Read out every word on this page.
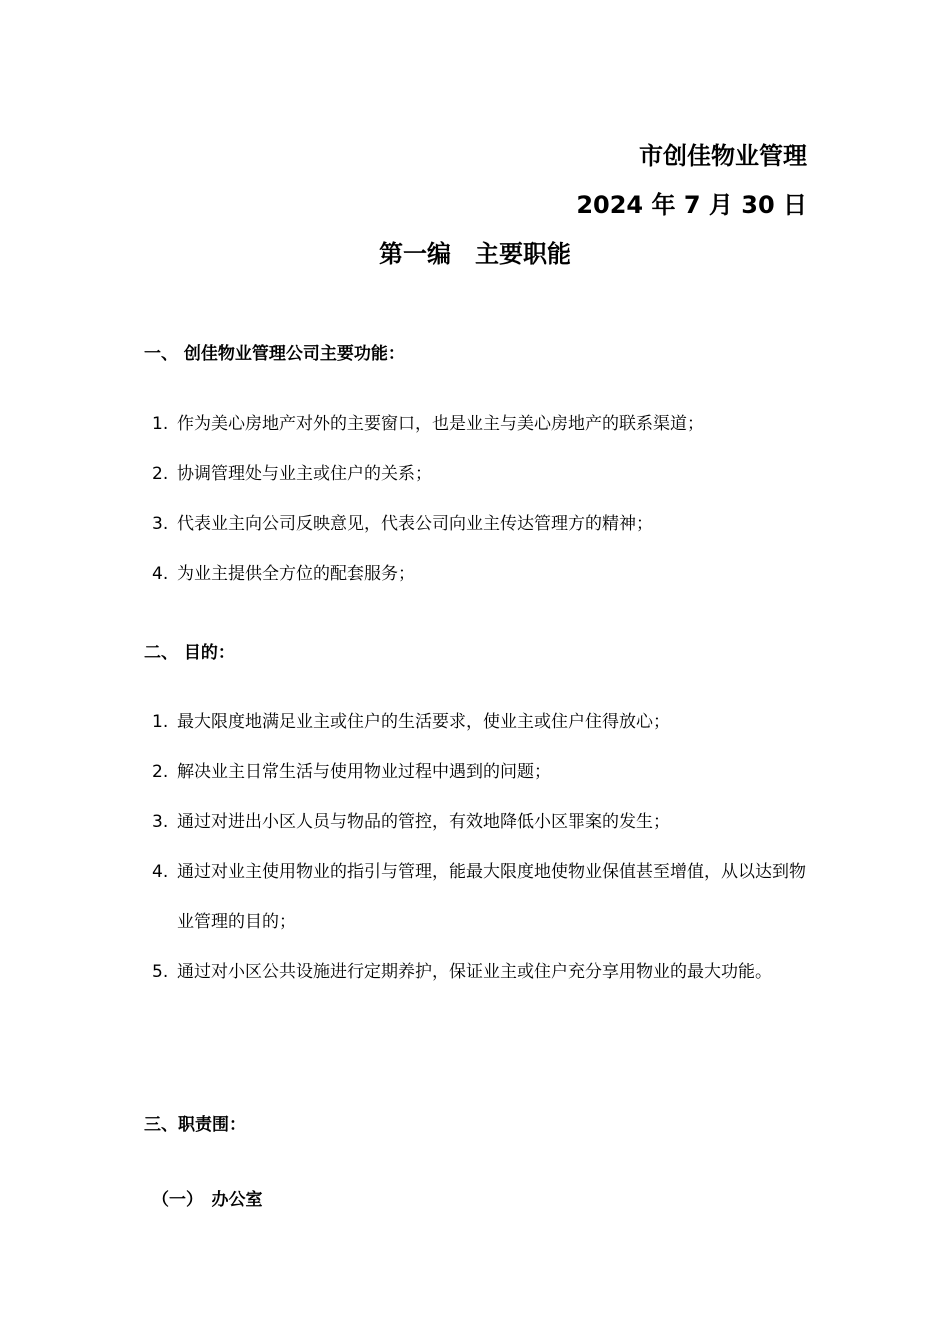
市创佳物业管理
2024 年 7 月 30 日
第一编　主要职能
一、 创佳物业管理公司主要功能：
1. 作为美心房地产对外的主要窗口，也是业主与美心房地产的联系渠道；
2. 协调管理处与业主或住户的关系；
3. 代表业主向公司反映意见，代表公司向业主传达管理方的精神；
4. 为业主提供全方位的配套服务；
二、 目的：
1. 最大限度地满足业主或住户的生活要求，使业主或住户住得放心；
2. 解决业主日常生活与使用物业过程中遇到的问题；
3. 通过对进出小区人员与物品的管控，有效地降低小区罪案的发生；
4. 通过对业主使用物业的指引与管理，能最大限度地使物业保值甚至增值，从以达到物业管理的目的；
5. 通过对小区公共设施进行定期养护，保证业主或住户充分享用物业的最大功能。
三、职责围：
（一）　办公室
